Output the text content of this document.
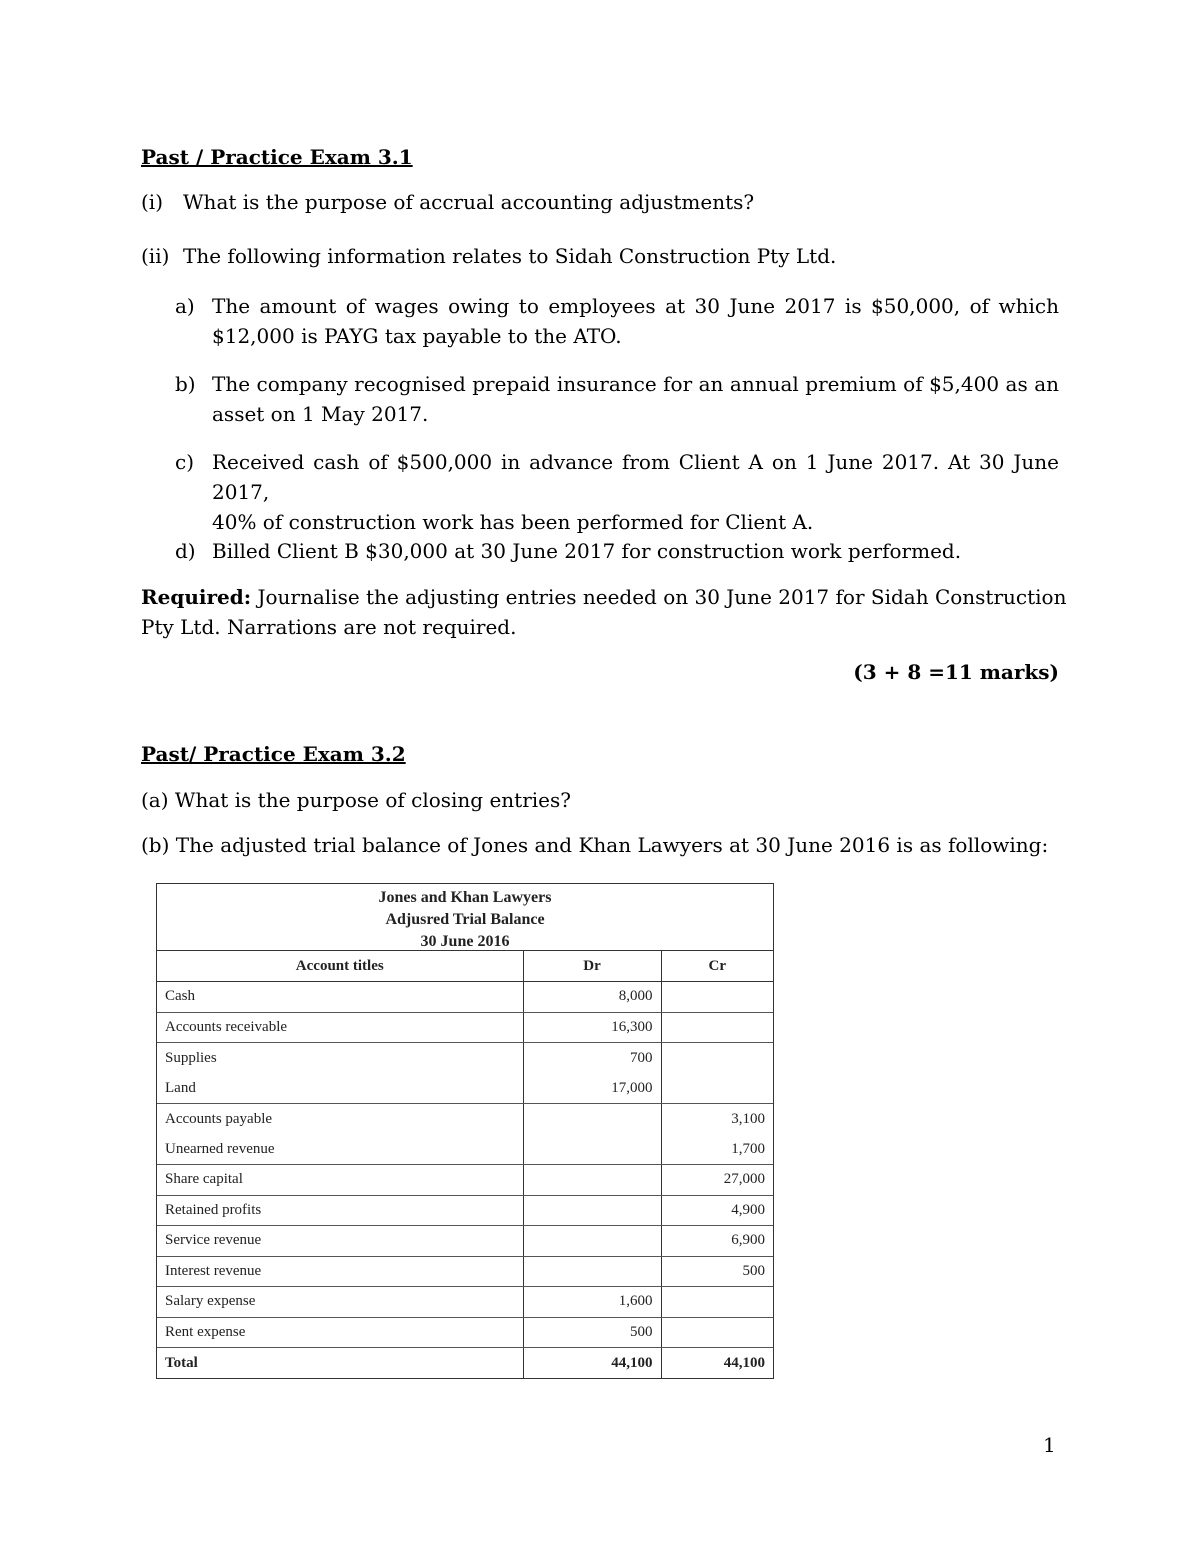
Past / Practice Exam 3.1
(i) What is the purpose of accrual accounting adjustments?
(ii) The following information relates to Sidah Construction Pty Ltd.
a) The amount of wages owing to employees at 30 June 2017 is $50,000, of which
$12,000 is PAYG tax payable to the ATO.
b) The company recognised prepaid insurance for an annual premium of $5,400 as an
asset on 1 May 2017.
c) Received cash of $500,000 in advance from Client A on 1 June 2017. At 30 June 2017,
40% of construction work has been performed for Client A.
d) Billed Client B $30,000 at 30 June 2017 for construction work performed.
Required: Journalise the adjusting entries needed on 30 June 2017 for Sidah Construction
Pty Ltd. Narrations are not required.
(3 + 8 =11 marks)
Past/ Practice Exam 3.2
(a) What is the purpose of closing entries?
(b) The adjusted trial balance of Jones and Khan Lawyers at 30 June 2016 is as following:
Jones and Khan Lawyers
Adjusred Trial Balance
30 June 2016
Account titles	Dr	Cr
Cash	8,000	
Accounts receivable	16,300	
Supplies	700	
Land	17,000	
Accounts payable		3,100
Unearned revenue		1,700
Share capital		27,000
Retained profits		4,900
Service revenue		6,900
Interest revenue		500
Salary expense	1,600	
Rent expense	500	
Total	44,100	44,100
1
